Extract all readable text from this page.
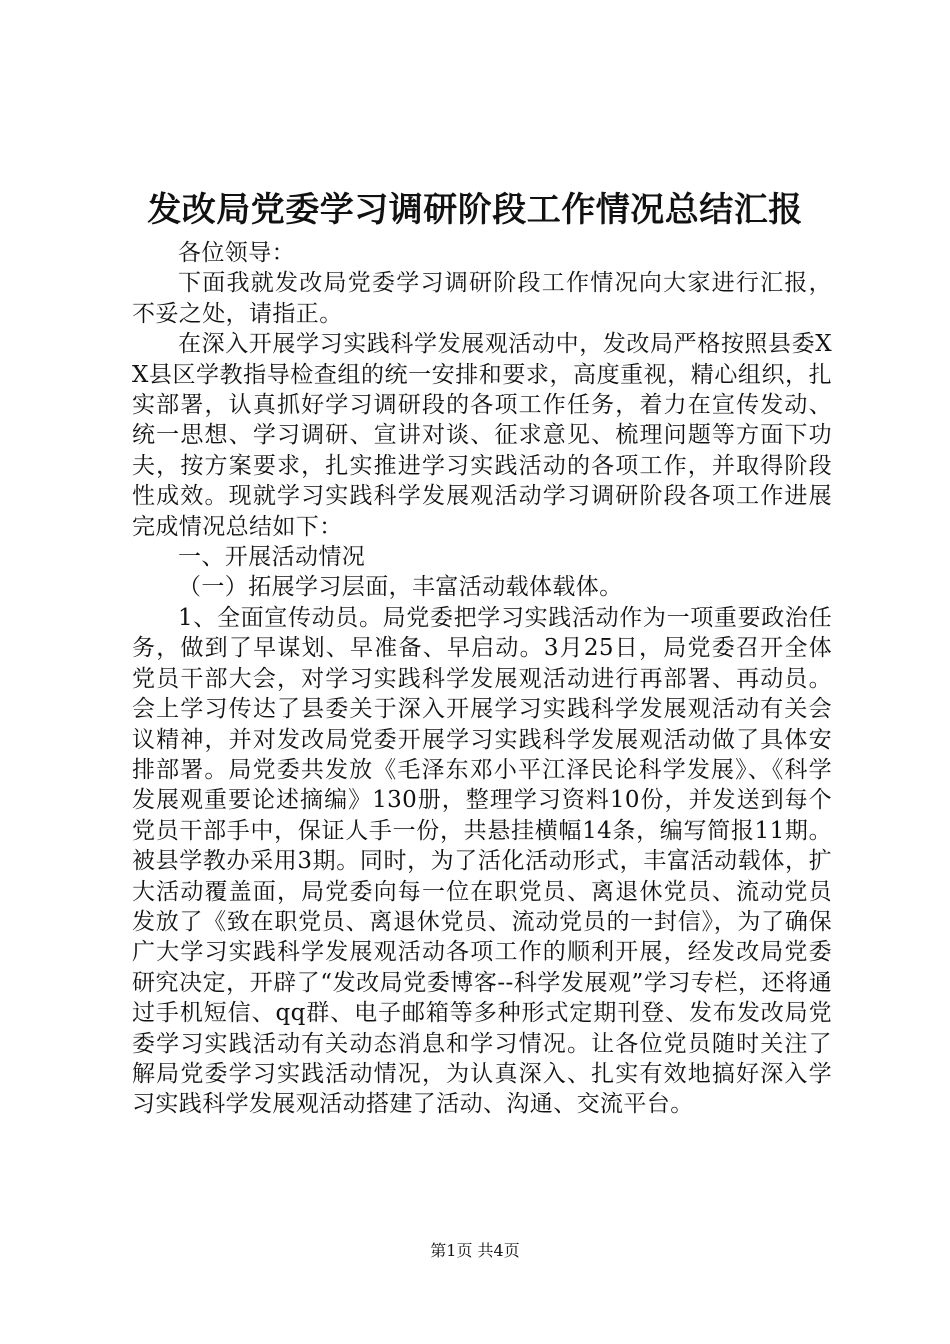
发改局党委学习调研阶段工作情况总结汇报

各位领导：

下面我就发改局党委学习调研阶段工作情况向大家进行汇报，不妥之处，请指正。

在深入开展学习实践科学发展观活动中，发改局严格按照县委XX县区学教指导检查组的统一安排和要求，高度重视，精心组织，扎实部署，认真抓好学习调研段的各项工作任务，着力在宣传发动、统一思想、学习调研、宣讲对谈、征求意见、梳理问题等方面下功夫，按方案要求，扎实推进学习实践活动的各项工作，并取得阶段性成效。现就学习实践科学发展观活动学习调研阶段各项工作进展完成情况总结如下：

一、开展活动情况

（一）拓展学习层面，丰富活动载体载体。

1、全面宣传动员。局党委把学习实践活动作为一项重要政治任务，做到了早谋划、早准备、早启动。3月25日，局党委召开全体党员干部大会，对学习实践科学发展观活动进行再部署、再动员。会上学习传达了县委关于深入开展学习实践科学发展观活动有关会议精神，并对发改局党委开展学习实践科学发展观活动做了具体安排部署。局党委共发放《毛泽东邓小平江泽民论科学发展》、《科学发展观重要论述摘编》130册，整理学习资料10份，并发送到每个党员干部手中，保证人手一份，共悬挂横幅14条，编写简报11期。被县学教办采用3期。同时，为了活化活动形式，丰富活动载体，扩大活动覆盖面，局党委向每一位在职党员、离退休党员、流动党员发放了《致在职党员、离退休党员、流动党员的一封信》，为了确保广大学习实践科学发展观活动各项工作的顺利开展，经发改局党委研究决定，开辟了“发改局党委博客--科学发展观”学习专栏，还将通过手机短信、qq群、电子邮箱等多种形式定期刊登、发布发改局党委学习实践活动有关动态消息和学习情况。让各位党员随时关注了解局党委学习实践活动情况，为认真深入、扎实有效地搞好深入学习实践科学发展观活动搭建了活动、沟通、交流平台。

第1页 共4页
